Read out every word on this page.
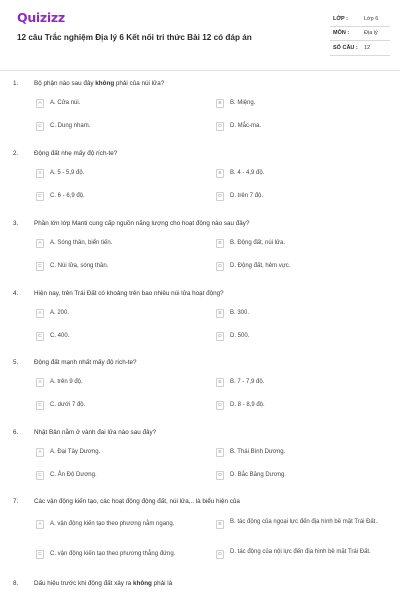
Quizizz
12 câu Trắc nghiệm Địa lý 6 Kết nối tri thức Bài 12 có đáp án
LỚP :	Lớp 6
MÔN :	Địa lý
SỐ CÂU :	12
1. Bộ phận nào sau đây không phải của núi lửa?
A	A. Cửa núi.	B	B. Miệng.
C	C. Dung nham.	D	D. Mắc-ma.
2. Động đất nhẹ mấy độ rích-te?
A	A. 5 - 5,9 độ.	B	B. 4 - 4,9 độ.
C	C. 6 - 6,9 độ.	D	D. trên 7 độ.
3. Phần lớn lớp Manti cung cấp nguồn năng lượng cho hoạt động nào sau đây?
A	A. Sóng thần, biển tiến.	B	B. Động đất, núi lửa.
C	C. Núi lửa, sóng thần.	D	D. Động đất, hẻm vực.
4. Hiện nay, trên Trái Đất có khoảng trên bao nhiêu núi lửa hoạt động?
A	A. 200.	B	B. 300.
C	C. 400.	D	D. 500.
5. Động đất mạnh nhất mấy độ rích-te?
A	A. trên 9 độ.	B	B. 7 - 7,9 độ.
C	C. dưới 7 độ.	D	D. 8 - 8,9 độ.
6. Nhật Bản nằm ở vành đai lửa nào sau đây?
A	A. Đại Tây Dương.	B	B. Thái Bình Dương.
C	C. Ấn Độ Dương.	D	D. Bắc Băng Dương.
7. Các vận động kiến tạo, các hoạt động động đất, núi lửa,.. là biểu hiện của
A	A. vận động kiến tạo theo phương nằm ngang.	B	B. tác động của ngoại lực đến địa hình bề mặt Trái Đất.
C	C. vận động kiến tạo theo phương thẳng đứng.	D	D. tác động của nội lực đến địa hình bề mặt Trái Đất.
8. Dấu hiệu trước khi động đất xảy ra không phải là
